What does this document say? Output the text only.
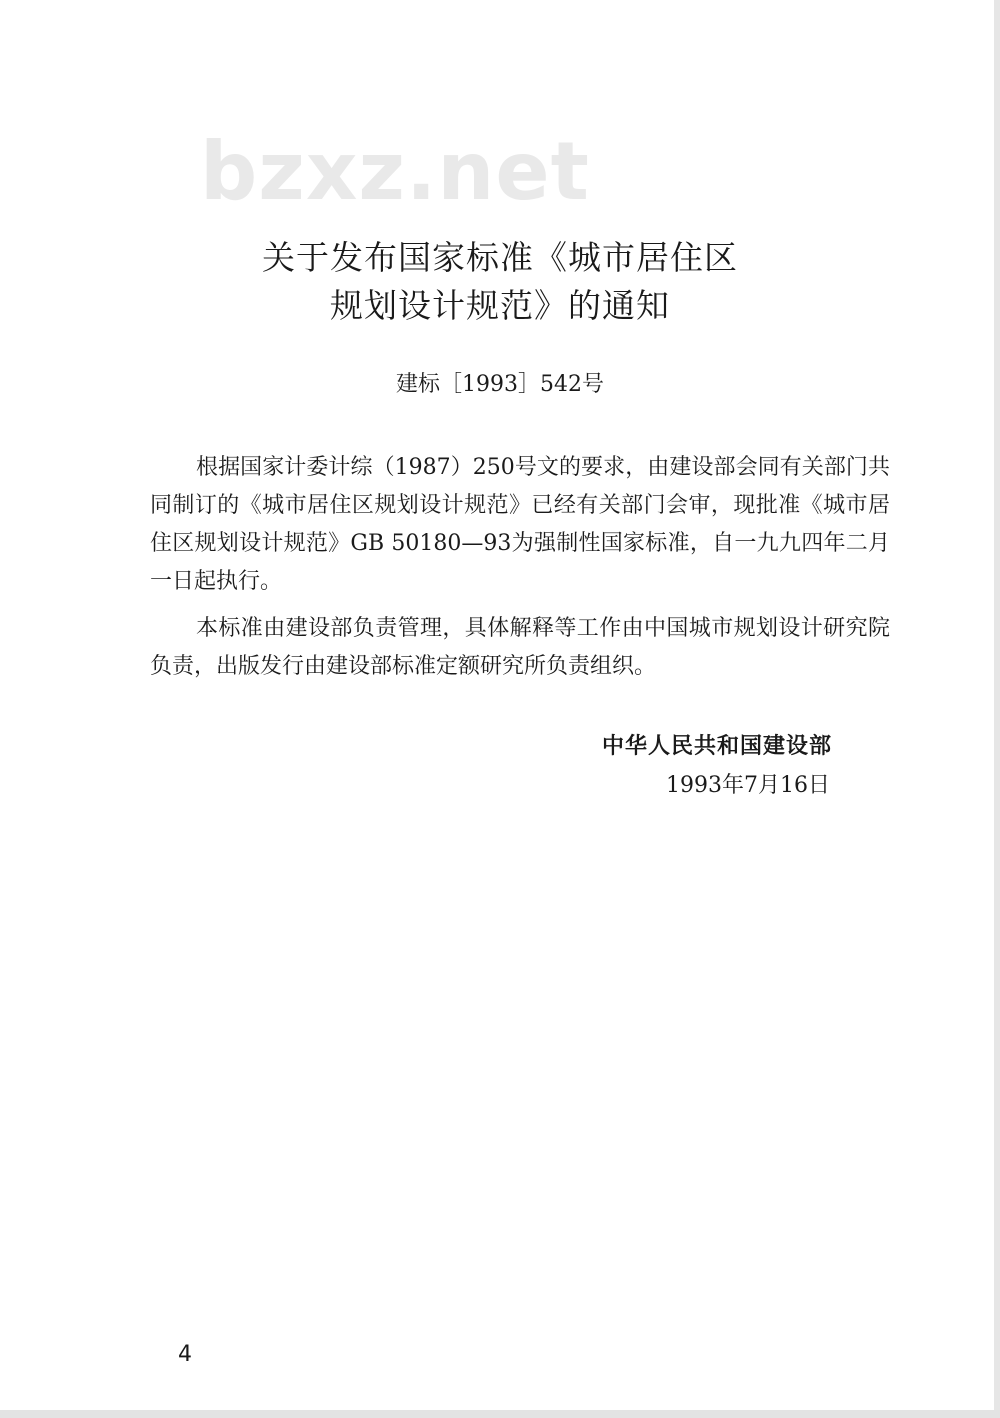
bzxz.net
关于发布国家标准《城市居住区
规划设计规范》的通知
建标［1993］542号

根据国家计委计综（1987）250号文的要求，由建设部会同有关部门共同制订的《城市居住区规划设计规范》已经有关部门会审，现批准《城市居住区规划设计规范》GB 50180—93为强制性国家标准，自一九九四年二月一日起执行。

本标准由建设部负责管理，具体解释等工作由中国城市规划设计研究院负责，出版发行由建设部标准定额研究所负责组织。

中华人民共和国建设部
1993年7月16日
4
